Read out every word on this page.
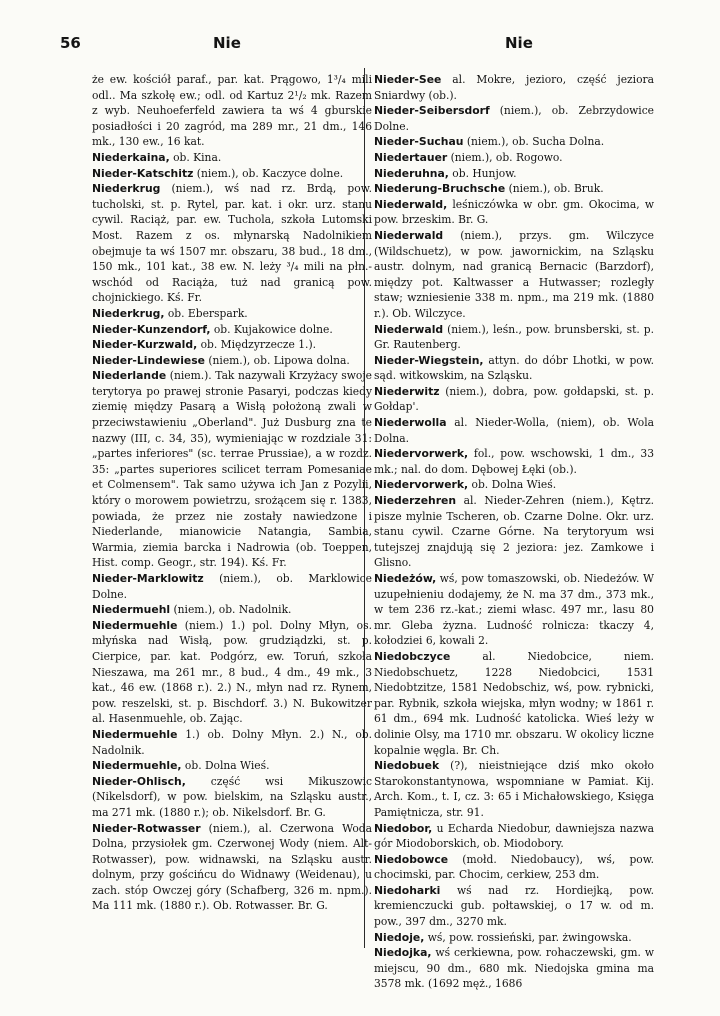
56	Nie	Nie

że ew. kościół paraf., par. kat. Prągowo, 1³/₄ mili odl.. Ma szkołę ew.; odl. od Kartuz 2¹/₂ mk. Razem z wyb. Neuhoeferfeld zawiera ta wś 4 gburskie posiadłości i 20 zagród, ma 289 mr., 21 dm., 146 mk., 130 ew., 16 kat.

Niederkaina, ob. Kina.

Nieder-Katschitz (niem.), ob. Kaczyce dolne.

Niederkrug (niem.), wś nad rz. Brdą, pow. tucholski, st. p. Rytel, par. kat. i okr. urz. stanu cywil. Raciąż, par. ew. Tuchola, szkoła Lutomski Most. Razem z os. młynarską Nadolnikiem obejmuje ta wś 1507 mr. obszaru, 38 bud., 18 dm., 150 mk., 101 kat., 38 ew. N. leży ³/₄ mili na płn.-wschód od Raciąża, tuż nad granicą pow. chojnickiego. Kś. Fr.

Niederkrug, ob. Eberspark.

Nieder-Kunzendorf, ob. Kujakowice dolne.

Nieder-Kurzwald, ob. Międzyrzecze 1.).

Nieder-Lindewiese (niem.), ob. Lipowa dolna.

Niederlande (niem.). Tak nazywali Krzyżacy swoje terytorya po prawej stronie Pasaryi, podczas kiedy ziemię między Pasarą a Wisłą położoną zwali w przeciwstawieniu „Oberland". Już Dusburg zna te nazwy (III, c. 34, 35), wymieniając w rozdziale 31: „partes inferiores" (sc. terrae Prussiae), a w rozdz. 35: „partes superiores scilicet terram Pomesaniae et Colmensem". Tak samo używa ich Jan z Pozylii, który o morowem powietrzu, srożącem się r. 1383, powiada, że przez nie zostały nawiedzone i Niederlande, mianowicie Natangia, Sambia, Warmia, ziemia barcka i Nadrowia (ob. Toeppen, Hist. comp. Geogr., str. 194). Kś. Fr.

Nieder-Marklowitz (niem.), ob. Marklowice Dolne.

Niedermuehl (niem.), ob. Nadolnik.

Niedermuehle (niem.) 1.) pol. Dolny Młyn, os. młyńska nad Wisłą, pow. grudziądzki, st. p. Cierpice, par. kat. Podgórz, ew. Toruń, szkoła Nieszawa, ma 261 mr., 8 bud., 4 dm., 49 mk., 3 kat., 46 ew. (1868 r.). 2.) N., młyn nad rz. Rynem, pow. reszelski, st. p. Bischdorf. 3.) N. Bukowitzer al. Hasenmuehle, ob. Zając.

Niedermuehle 1.) ob. Dolny Młyn. 2.) N., ob. Nadolnik.

Niedermuehle, ob. Dolna Wieś.

Nieder-Ohlisch, część wsi Mikuszowic (Nikelsdorf), w pow. bielskim, na Szląsku austr., ma 271 mk. (1880 r.); ob. Nikelsdorf. Br. G.

Nieder-Rotwasser (niem.), al. Czerwona Woda Dolna, przysiołek gm. Czerwonej Wody (niem. Alt-Rotwasser), pow. widnawski, na Szląsku austr. dolnym, przy gościńcu do Widnawy (Weidenau), u zach. stóp Owczej góry (Schafberg, 326 m. npm.). Ma 111 mk. (1880 r.). Ob. Rotwasser. Br. G.

Nieder-See al. Mokre, jezioro, część jeziora Sniardwy (ob.).

Nieder-Seibersdorf (niem.), ob. Zebrzydowice Dolne.

Nieder-Suchau (niem.), ob. Sucha Dolna.

Niedertauer (niem.), ob. Rogowo.

Niederuhna, ob. Hunjow.

Niederung-Bruchsche (niem.), ob. Bruk.

Niederwald, leśniczówka w obr. gm. Okocima, w pow. brzeskim. Br. G.

Niederwald (niem.), przys. gm. Wilczyce (Wildschuetz), w pow. jawornickim, na Szląsku austr. dolnym, nad granicą Bernacic (Barzdorf), między pot. Kaltwasser a Hutwasser; rozległy staw; wzniesienie 338 m. npm., ma 219 mk. (1880 r.). Ob. Wilczyce.

Niederwald (niem.), leśn., pow. brunsberski, st. p. Gr. Rautenberg.

Nieder-Wiegstein, attyn. do dóbr Lhotki, w pow. sąd. witkowskim, na Szląsku.

Niederwitz (niem.), dobra, pow. gołdapski, st. p. Gołdap'.

Niederwolla al. Nieder-Wolla, (niem), ob. Wola Dolna.

Niedervorwerk, fol., pow. wschowski, 1 dm., 33 mk.; nal. do dom. Dębowej Łęki (ob.).

Niedervorwerk, ob. Dolna Wieś.

Niederzehren al. Nieder-Zehren (niem.), Kętrz. pisze mylnie Tscheren, ob. Czarne Dolne. Okr. urz. stanu cywil. Czarne Górne. Na terytoryum wsi tutejszej znajdują się 2 jeziora: jez. Zamkowe i Glisno.

Niedeżów, wś, pow tomaszowski, ob. Niedeżów. W uzupełnieniu dodajemy, że N. ma 37 dm., 373 mk., w tem 236 rz.-kat.; ziemi własc. 497 mr., lasu 80 mr. Gleba żyzna. Ludność rolnicza: tkaczy 4, kołodziei 6, kowali 2.

Niedobczyce al. Niedobcice, niem. Niedobschuetz, 1228 Niedobcici, 1531 Niedobtzitze, 1581 Nedobschiz, wś, pow. rybnicki, par. Rybnik, szkoła wiejska, młyn wodny; w 1861 r. 61 dm., 694 mk. Ludność katolicka. Wieś leży w dolinie Olsy, ma 1710 mr. obszaru. W okolicy liczne kopalnie węgla. Br. Ch.

Niedobuek (?), nieistniejące dziś mko około Starokonstantynowa, wspomniane w Pamiat. Kij. Arch. Kom., t. I, cz. 3: 65 i Michałowskiego, Księga Pamiętnicza, str. 91.

Niedobor, u Echarda Niedobur, dawniejsza nazwa gór Miodoborskich, ob. Miodobory.

Niedobowce (mołd. Niedobaucy), wś, pow. chocimski, par. Chocim, cerkiew, 253 dm.

Niedoharki wś nad rz. Hordiejką, pow. kremienczucki gub. połtawskiej, o 17 w. od m. pow., 397 dm., 3270 mk.

Niedoje, wś, pow. rossieński, par. żwingowska.

Niedojka, wś cerkiewna, pow. rohaczewski, gm. w miejscu, 90 dm., 680 mk. Niedojska gmina ma 3578 mk. (1692 męż., 1686
